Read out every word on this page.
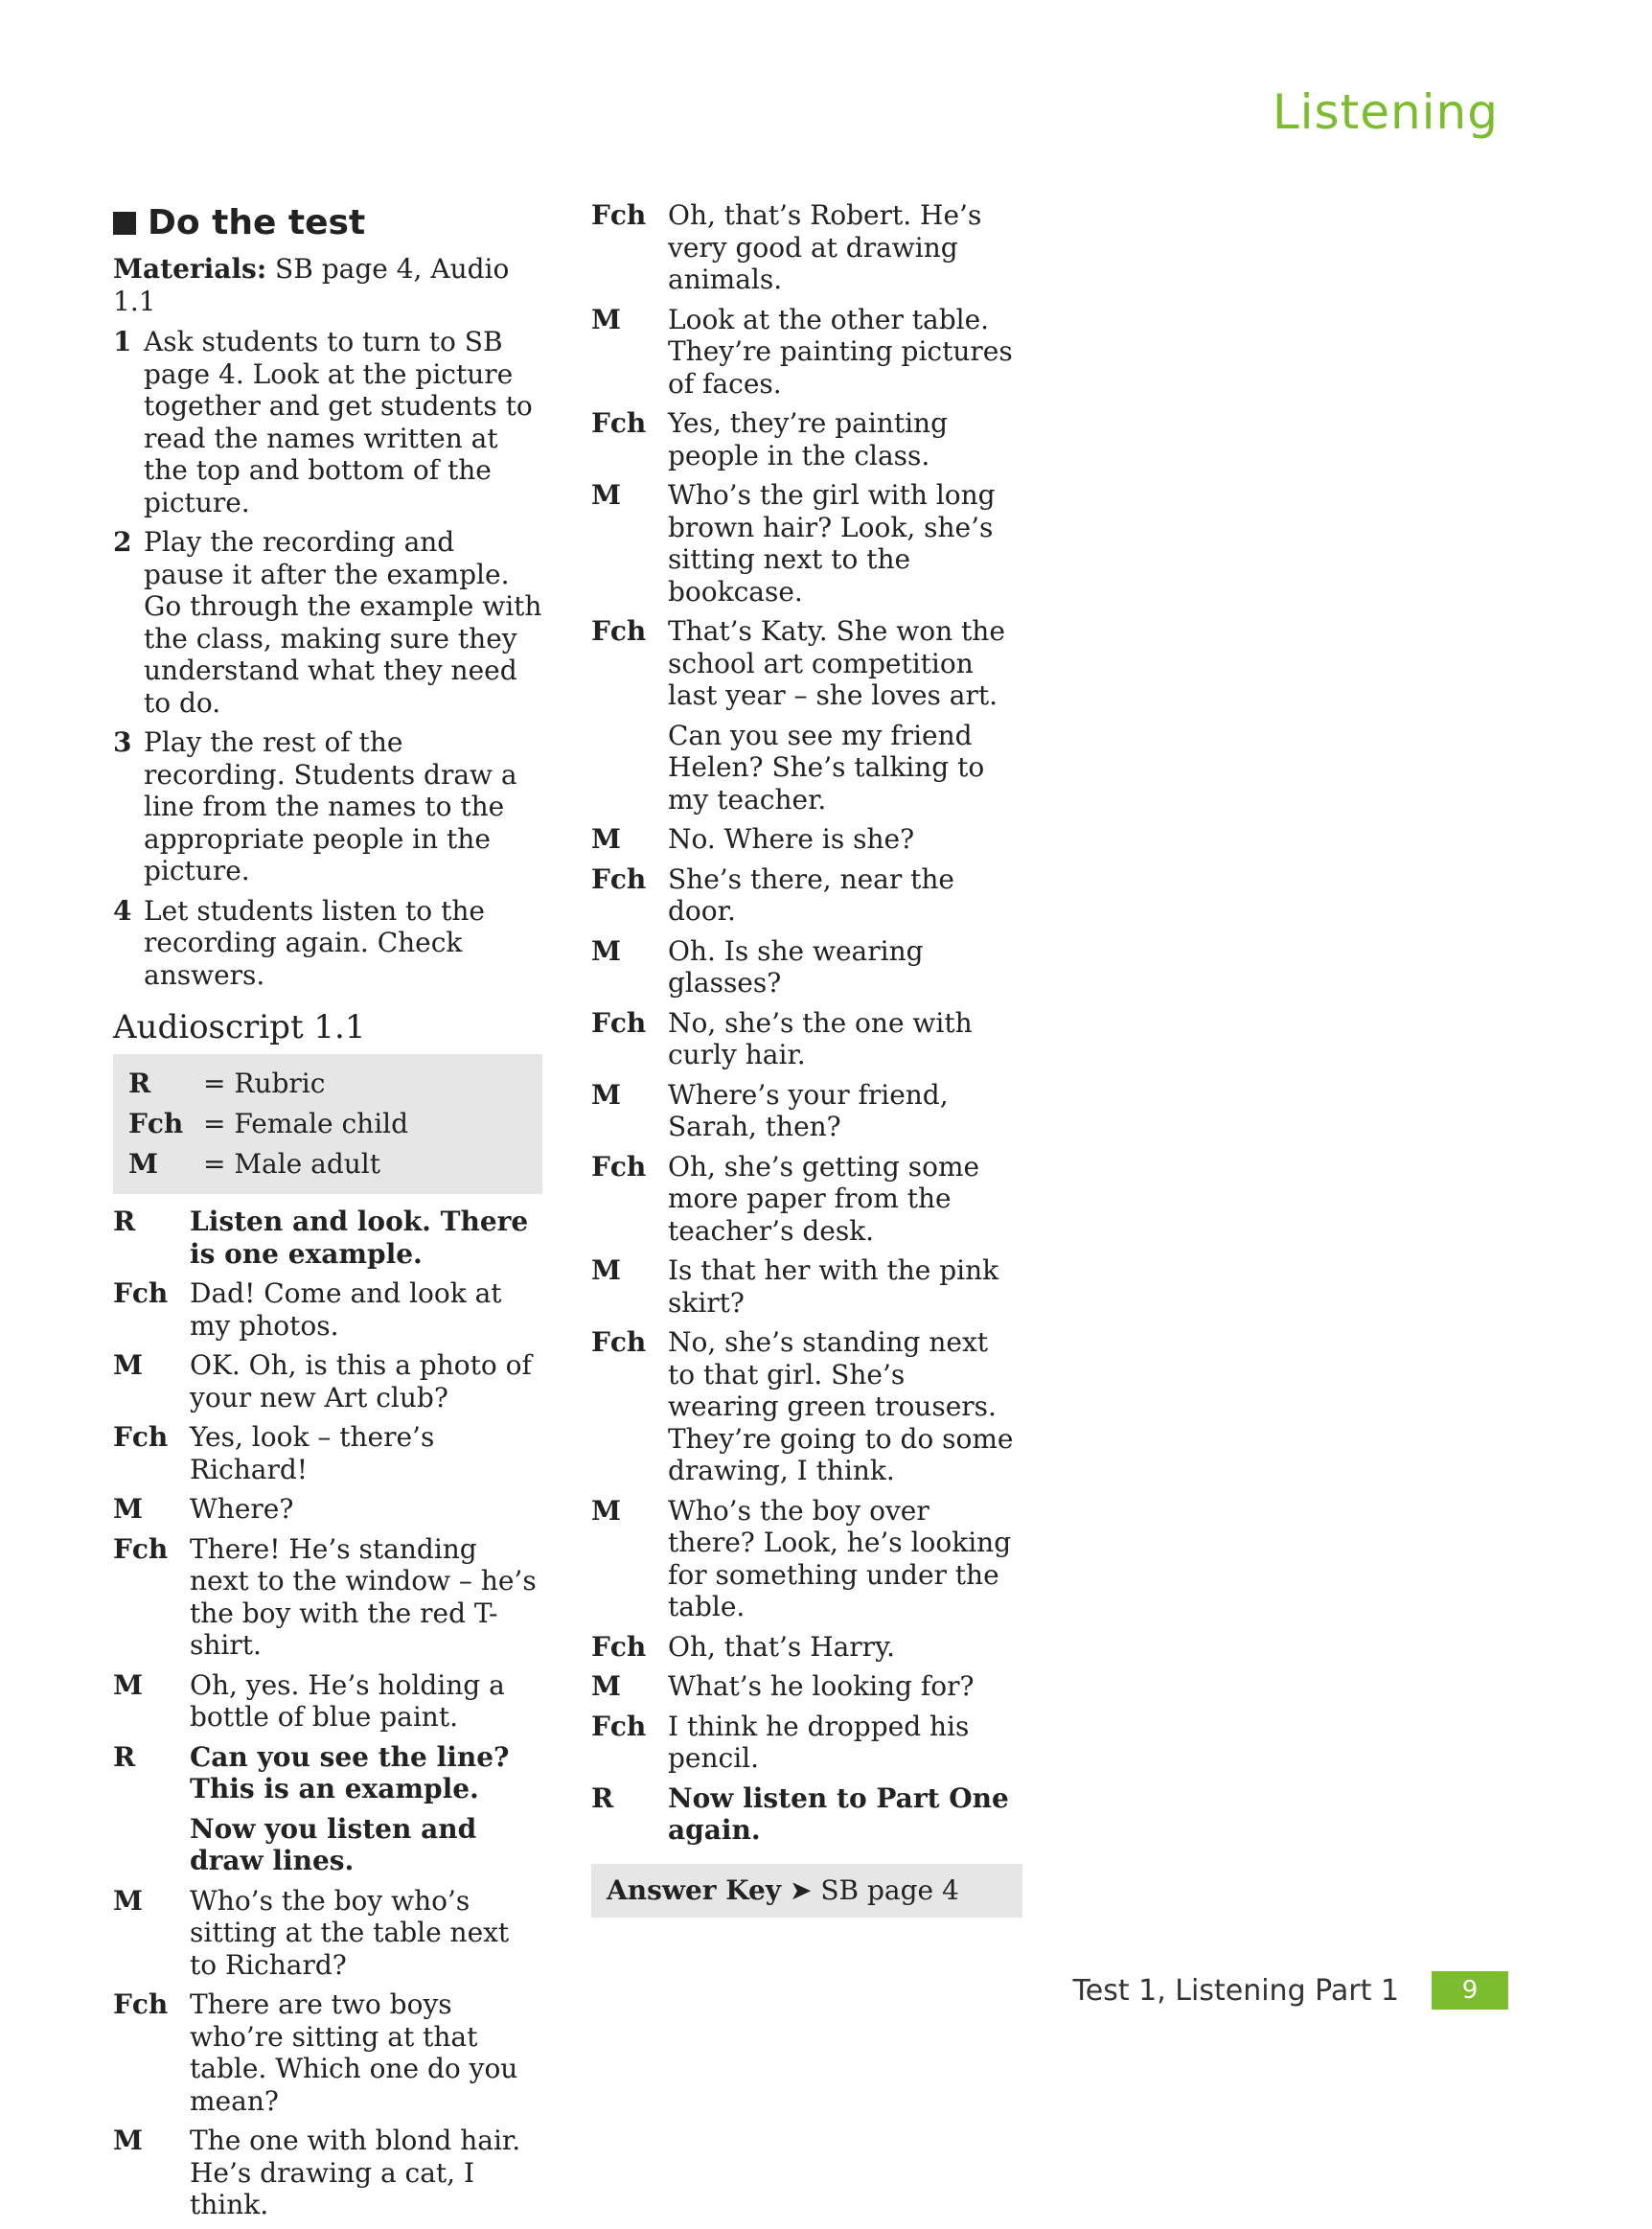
Listening
Do the test

Materials: SB page 4, Audio 1.1

1 Ask students to turn to SB page 4. Look at the picture together and get students to read the names written at the top and bottom of the picture.
2 Play the recording and pause it after the example. Go through the example with the class, making sure they understand what they need to do.
3 Play the rest of the recording. Students draw a line from the names to the appropriate people in the picture.
4 Let students listen to the recording again. Check answers.
Audioscript 1.1
R	= Rubric
Fch = Female child
M	= Male adult
R	Listen and look. There is one example.
Fch Dad! Come and look at my photos.
M	OK. Oh, is this a photo of your new Art club?
Fch Yes, look – there’s Richard!
M	Where?
Fch There! He’s standing next to the window – he’s the boy with the red T-shirt.
M	Oh, yes. He’s holding a bottle of blue paint.
R	Can you see the line? This is an example.
Now you listen and draw lines.
M	Who’s the boy who’s sitting at the table next to Richard?
Fch There are two boys who’re sitting at that table. Which one do you mean?
M	The one with blond hair. He’s drawing a cat, I think.
Fch Oh, that’s Robert. He’s very good at drawing animals.
M	Look at the other table. They’re painting pictures of faces.
Fch Yes, they’re painting people in the class.
M	Who’s the girl with long brown hair? Look, she’s sitting next to the bookcase.
Fch That’s Katy. She won the school art competition last year – she loves art.
Can you see my friend Helen? She’s talking to my teacher.
M	No. Where is she?
Fch She’s there, near the door.
M	Oh. Is she wearing glasses?
Fch No, she’s the one with curly hair.
M	Where’s your friend, Sarah, then?
Fch Oh, she’s getting some more paper from the teacher’s desk.
M	Is that her with the pink skirt?
Fch No, she’s standing next to that girl. She’s wearing green trousers. They’re going to do some drawing, I think.
M	Who’s the boy over there? Look, he’s looking for something under the table.
Fch Oh, that’s Harry.
M	What’s he looking for?
Fch I think he dropped his pencil.
R	Now listen to Part One again.
Answer Key ➤ SB page 4
Test 1, Listening Part 1	9
